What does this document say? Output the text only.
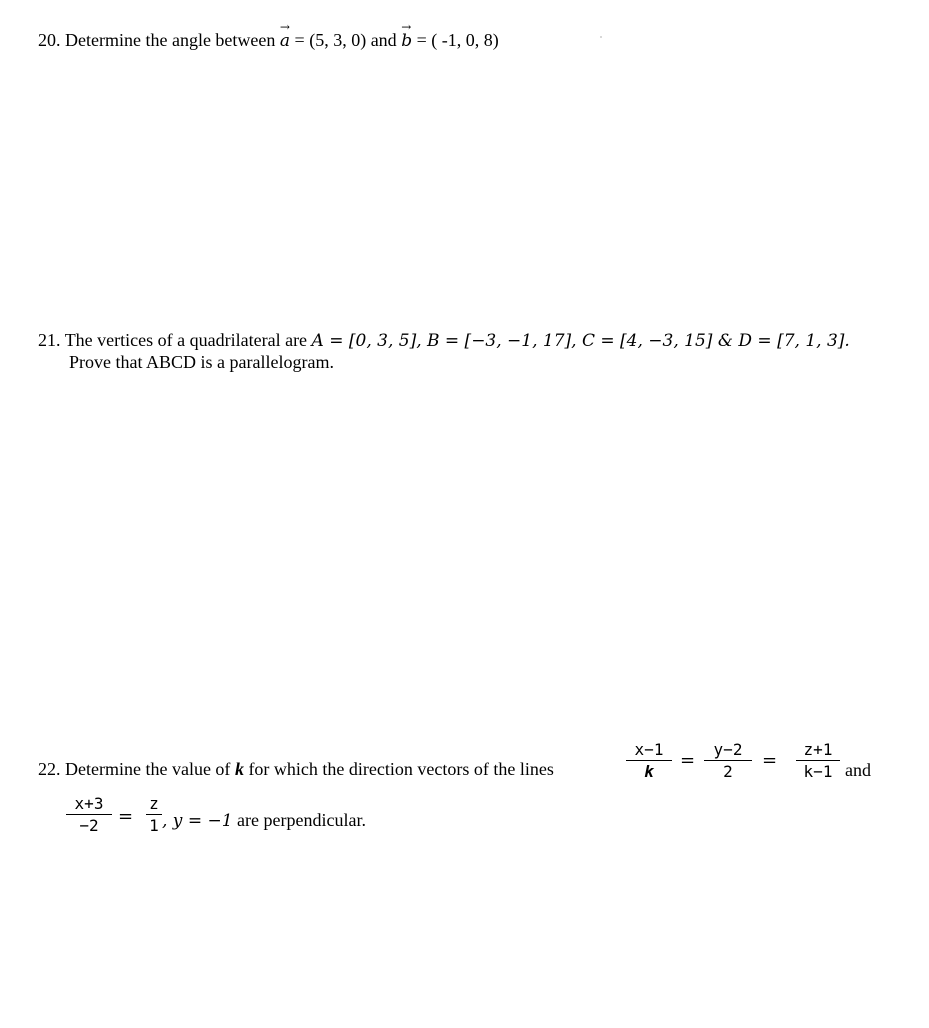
20. Determine the angle between
→
a = (5, 3, 0) and
→
b = ( -1, 0, 8)
21. The vertices of a quadrilateral are A = [0, 3, 5], B = [−3, −1, 17], C = [4, −3, 15] & D = [7, 1, 3].
Prove that ABCD is a parallelogram.
22. Determine the value of k for which the direction vectors of the lines
x−1
k
=
y−2
2
=
z+1
k−1 and
x+3
−2	=
z
1 , y = −1 are perpendicular.
